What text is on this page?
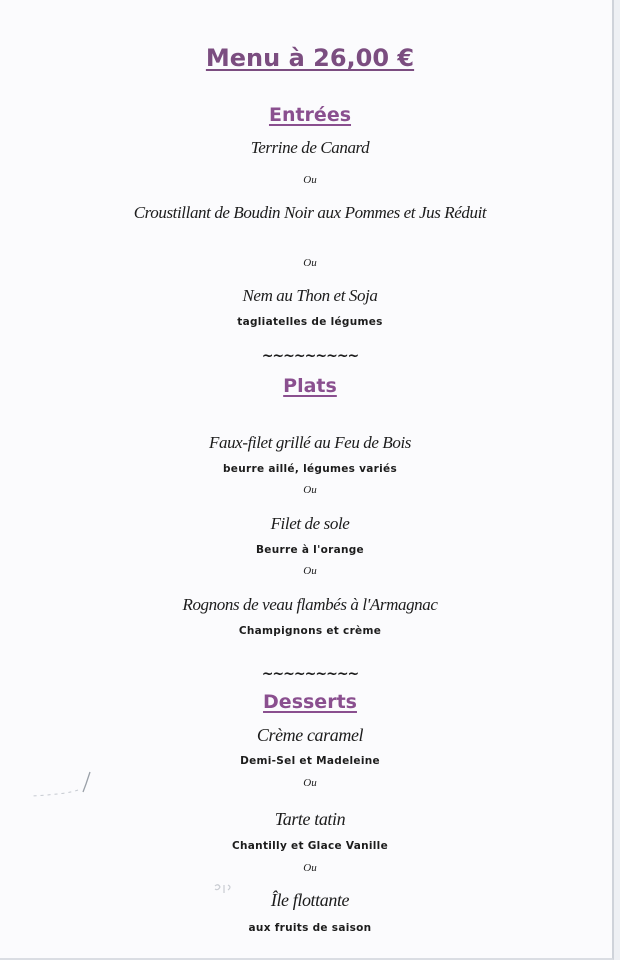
Menu à 26,00 €
Entrées
Terrine de Canard
Ou
Croustillant de Boudin Noir aux Pommes et Jus Réduit
Ou
Nem au Thon et Soja
tagliatelles de légumes
~~~~~~~~~
Plats
Faux-filet grillé au Feu de Bois
beurre aillé, légumes variés
Ou
Filet de sole
Beurre à l'orange
Ou
Rognons de veau flambés à l'Armagnac
Champignons et crème
~~~~~~~~~
Desserts
Crème caramel
Demi-Sel et Madeleine
Ou
Tarte tatin
Chantilly et Glace Vanille
Ou
Île flottante
aux fruits de saison
